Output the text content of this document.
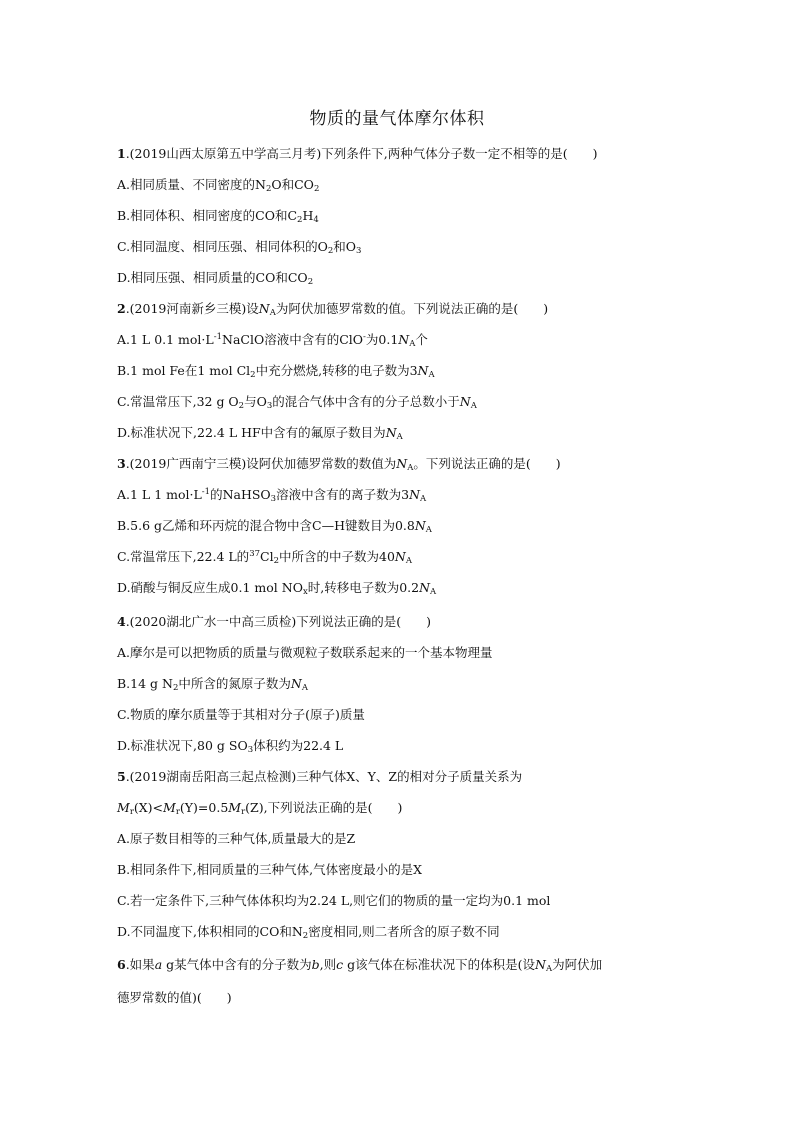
物质的量气体摩尔体积
1.(2019山西太原第五中学高三月考)下列条件下,两种气体分子数一定不相等的是(　　)
A.相同质量、不同密度的$N_2O$和$CO_2$
B.相同体积、相同密度的CO和$C_2H_4$
C.相同温度、相同压强、相同体积的$O_2$和$O_3$
D.相同压强、相同质量的CO和$CO_2$
2.(2019河南新乡三模)设$N_A$为阿伏加德罗常数的值。下列说法正确的是(　　)
A.1 L 0.1 $mol\cdot L^{-1}NaClO$溶液中含有的ClO-为$0.1N_A$个
B.1 mol Fe在1 mol $Cl_2$中充分燃烧,转移的电子数为$3N_A$
C.常温常压下,32 g $O_2$与$O_3$的混合气体中含有的分子总数小于$N_A$
D.标准状况下,22.4 L HF中含有的氟原子数目为$N_A$
3.(2019广西南宁三模)设阿伏加德罗常数的数值为$N_A$。下列说法正确的是(　　)
A.1 L 1 $mol\cdot L^{-1}$的NaHSO$_3$溶液中含有的离子数为$3N_A$
B.5.6 g乙烯和环丙烷的混合物中含C—H键数目为$0.8N_A$
C.常温常压下,22.4 L的$^{37}Cl_2$中所含的中子数为$40N_A$
D.硝酸与铜反应生成0.1 mol $NO_x$时,转移电子数为$0.2N_A$
4.(2020湖北广水一中高三质检)下列说法正确的是(　　)
A.摩尔是可以把物质的质量与微观粒子数联系起来的一个基本物理量
B.14 g $N_2$中所含的氮原子数为$N_A$
C.物质的摩尔质量等于其相对分子(原子)质量
D.标准状况下,80 g $SO_3$体积约为22.4 L
5.(2019湖南岳阳高三起点检测)三种气体X、Y、Z的相对分子质量关系为
$M_r(X)<M_r(Y)=0.5M_r(Z)$,下列说法正确的是(　　)
A.原子数目相等的三种气体,质量最大的是Z
B.相同条件下,相同质量的三种气体,气体密度最小的是X
C.若一定条件下,三种气体体积均为2.24 L,则它们的物质的量一定均为0.1 mol
D.不同温度下,体积相同的CO和$N_2$密度相同,则二者所含的原子数不同
6.如果a g某气体中含有的分子数为b,则c g该气体在标准状况下的体积是(设$N_A$为阿伏加
德罗常数的值)(　　)
